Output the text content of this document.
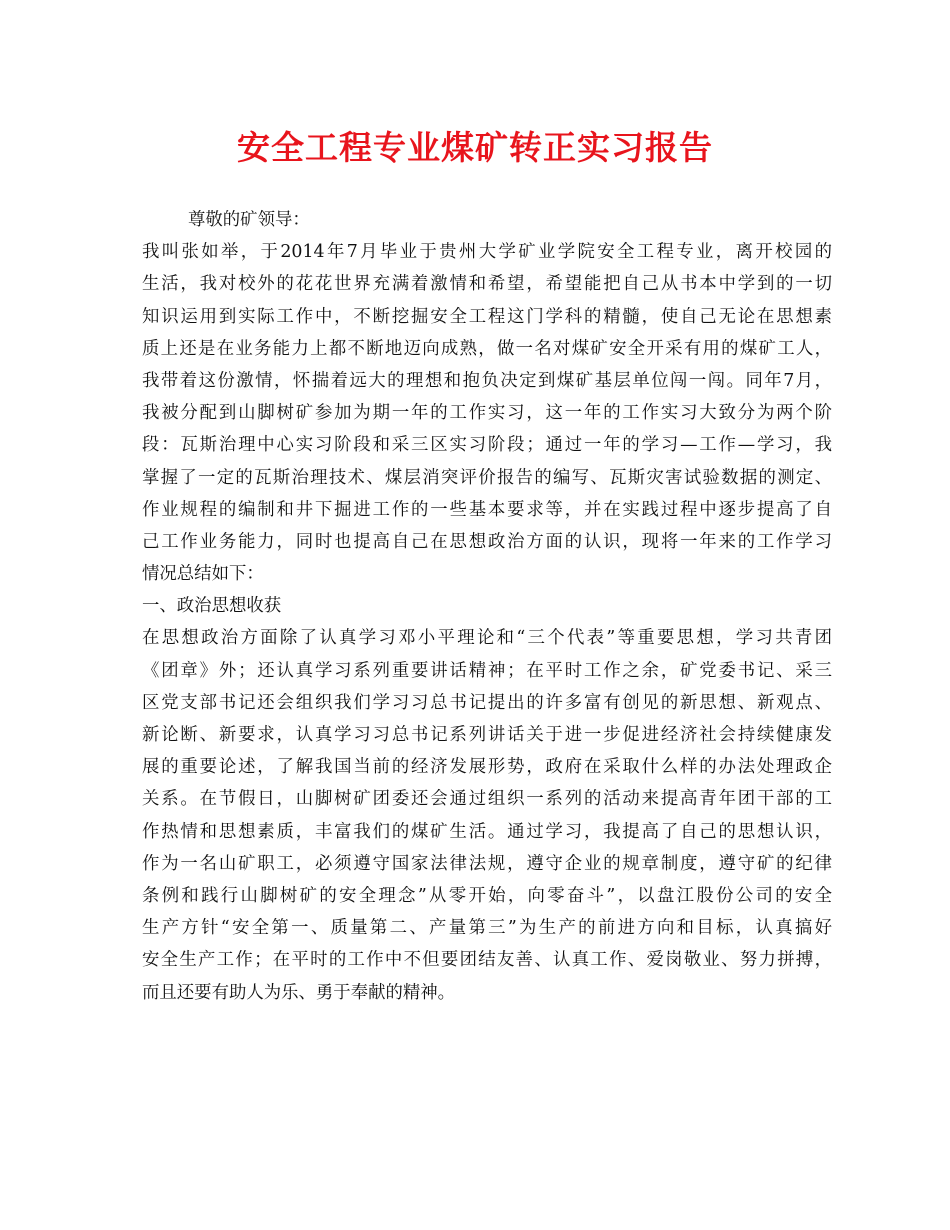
安全工程专业煤矿转正实习报告
尊敬的矿领导：
我叫张如举，于2014年7月毕业于贵州大学矿业学院安全工程专业，离开校园的
生活，我对校外的花花世界充满着激情和希望，希望能把自己从书本中学到的一切
知识运用到实际工作中，不断挖掘安全工程这门学科的精髓，使自己无论在思想素
质上还是在业务能力上都不断地迈向成熟，做一名对煤矿安全开采有用的煤矿工人，
我带着这份激情，怀揣着远大的理想和抱负决定到煤矿基层单位闯一闯。同年7月，
我被分配到山脚树矿参加为期一年的工作实习，这一年的工作实习大致分为两个阶
段：瓦斯治理中心实习阶段和采三区实习阶段；通过一年的学习—工作—学习，我
掌握了一定的瓦斯治理技术、煤层消突评价报告的编写、瓦斯灾害试验数据的测定、
作业规程的编制和井下掘进工作的一些基本要求等，并在实践过程中逐步提高了自
己工作业务能力，同时也提高自己在思想政治方面的认识，现将一年来的工作学习
情况总结如下：
一、政治思想收获
在思想政治方面除了认真学习邓小平理论和“三个代表”等重要思想，学习共青团
《团章》外；还认真学习系列重要讲话精神；在平时工作之余，矿党委书记、采三
区党支部书记还会组织我们学习习总书记提出的许多富有创见的新思想、新观点、
新论断、新要求，认真学习习总书记系列讲话关于进一步促进经济社会持续健康发
展的重要论述，了解我国当前的经济发展形势，政府在采取什么样的办法处理政企
关系。在节假日，山脚树矿团委还会通过组织一系列的活动来提高青年团干部的工
作热情和思想素质，丰富我们的煤矿生活。通过学习，我提高了自己的思想认识，
作为一名山矿职工，必须遵守国家法律法规，遵守企业的规章制度，遵守矿的纪律
条例和践行山脚树矿的安全理念”从零开始，向零奋斗”，以盘江股份公司的安全
生产方针“安全第一、质量第二、产量第三”为生产的前进方向和目标，认真搞好
安全生产工作；在平时的工作中不但要团结友善、认真工作、爱岗敬业、努力拼搏，
而且还要有助人为乐、勇于奉献的精神。
